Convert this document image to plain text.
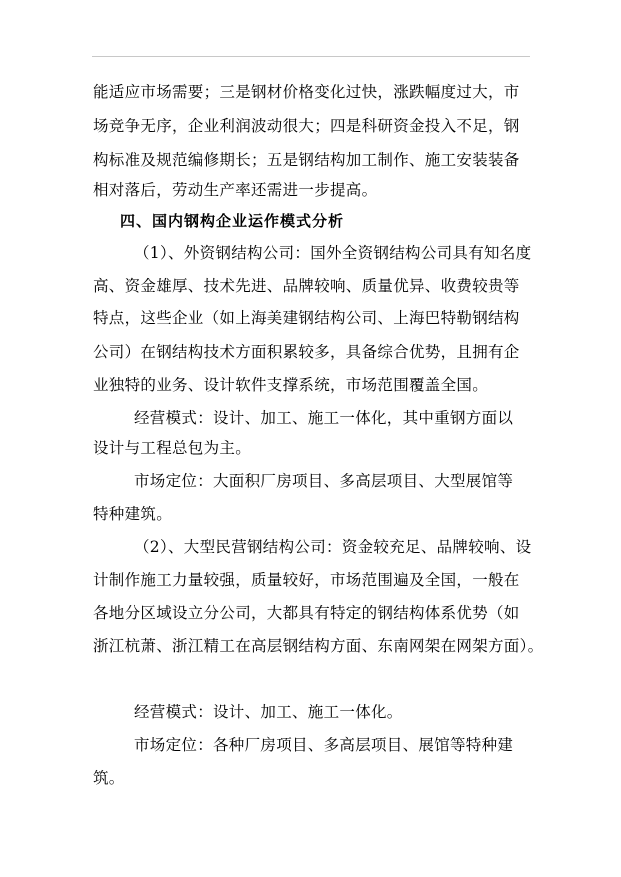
能适应市场需要；三是钢材价格变化过快，涨跌幅度过大，市

场竞争无序，企业利润波动很大；四是科研资金投入不足，钢

构标准及规范编修期长；五是钢结构加工制作、施工安装装备

相对落后，劳动生产率还需进一步提高。

四、国内钢构企业运作模式分析

（1）、外资钢结构公司：国外全资钢结构公司具有知名度

高、资金雄厚、技术先进、品牌较响、质量优异、收费较贵等

特点，这些企业（如上海美建钢结构公司、上海巴特勒钢结构

公司）在钢结构技术方面积累较多，具备综合优势，且拥有企

业独特的业务、设计软件支撑系统，市场范围覆盖全国。

经营模式：设计、加工、施工一体化，其中重钢方面以

设计与工程总包为主。

市场定位：大面积厂房项目、多高层项目、大型展馆等

特种建筑。

（2）、大型民营钢结构公司：资金较充足、品牌较响、设

计制作施工力量较强，质量较好，市场范围遍及全国，一般在

各地分区域设立分公司，大都具有特定的钢结构体系优势（如

浙江杭萧、浙江精工在高层钢结构方面、东南网架在网架方面）。

经营模式：设计、加工、施工一体化。

市场定位：各种厂房项目、多高层项目、展馆等特种建

筑。
